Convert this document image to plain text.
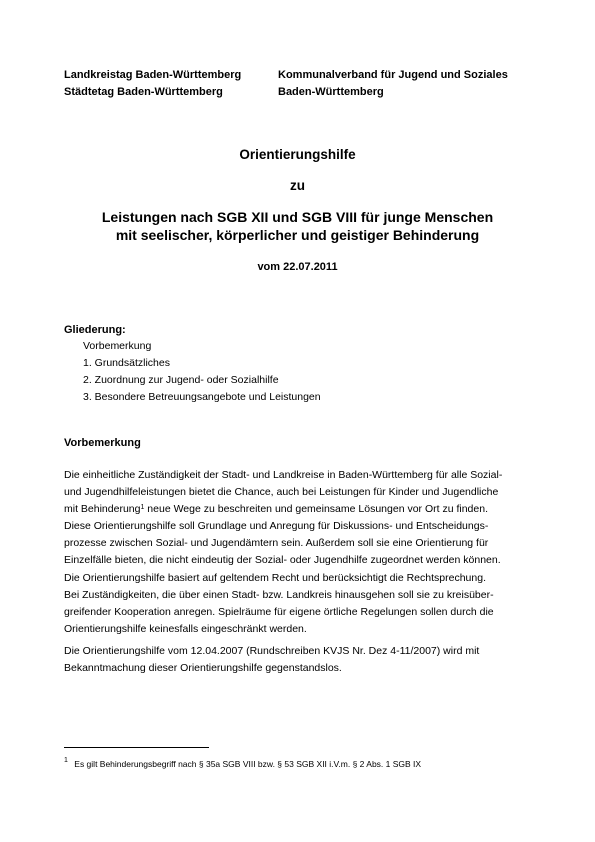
Landkreistag Baden-Württemberg
Städtetag Baden-Württemberg
Kommunalverband für Jugend und Soziales
Baden-Württemberg
Orientierungshilfe
zu
Leistungen nach SGB XII und SGB VIII für junge Menschen
mit seelischer, körperlicher und geistiger Behinderung
vom 22.07.2011
Gliederung:
Vorbemerkung
1. Grundsätzliches
2. Zuordnung zur Jugend- oder Sozialhilfe
3. Besondere Betreuungsangebote und Leistungen
Vorbemerkung
Die einheitliche Zuständigkeit der Stadt- und Landkreise in Baden-Württemberg für alle Sozial-
und Jugendhilfeleistungen bietet die Chance, auch bei Leistungen für Kinder und Jugendliche
mit Behinderung$^1$ neue Wege zu beschreiten und gemeinsame Lösungen vor Ort zu finden.
Diese Orientierungshilfe soll Grundlage und Anregung für Diskussions- und Entscheidungs-
prozesse zwischen Sozial- und Jugendämtern sein. Außerdem soll sie eine Orientierung für
Einzelfälle bieten, die nicht eindeutig der Sozial- oder Jugendhilfe zugeordnet werden können.
Die Orientierungshilfe basiert auf geltendem Recht und berücksichtigt die Rechtsprechung.
Bei Zuständigkeiten, die über einen Stadt- bzw. Landkreis hinausgehen soll sie zu kreisüber-
greifender Kooperation anregen. Spielräume für eigene örtliche Regelungen sollen durch die
Orientierungshilfe keinesfalls eingeschränkt werden.
Die Orientierungshilfe vom 12.04.2007 (Rundschreiben KVJS Nr. Dez 4-11/2007) wird mit
Bekanntmachung dieser Orientierungshilfe gegenstandslos.
$^1$ Es gilt Behinderungsbegriff nach § 35a SGB VIII bzw. § 53 SGB XII i.V.m. § 2 Abs. 1 SGB IX
